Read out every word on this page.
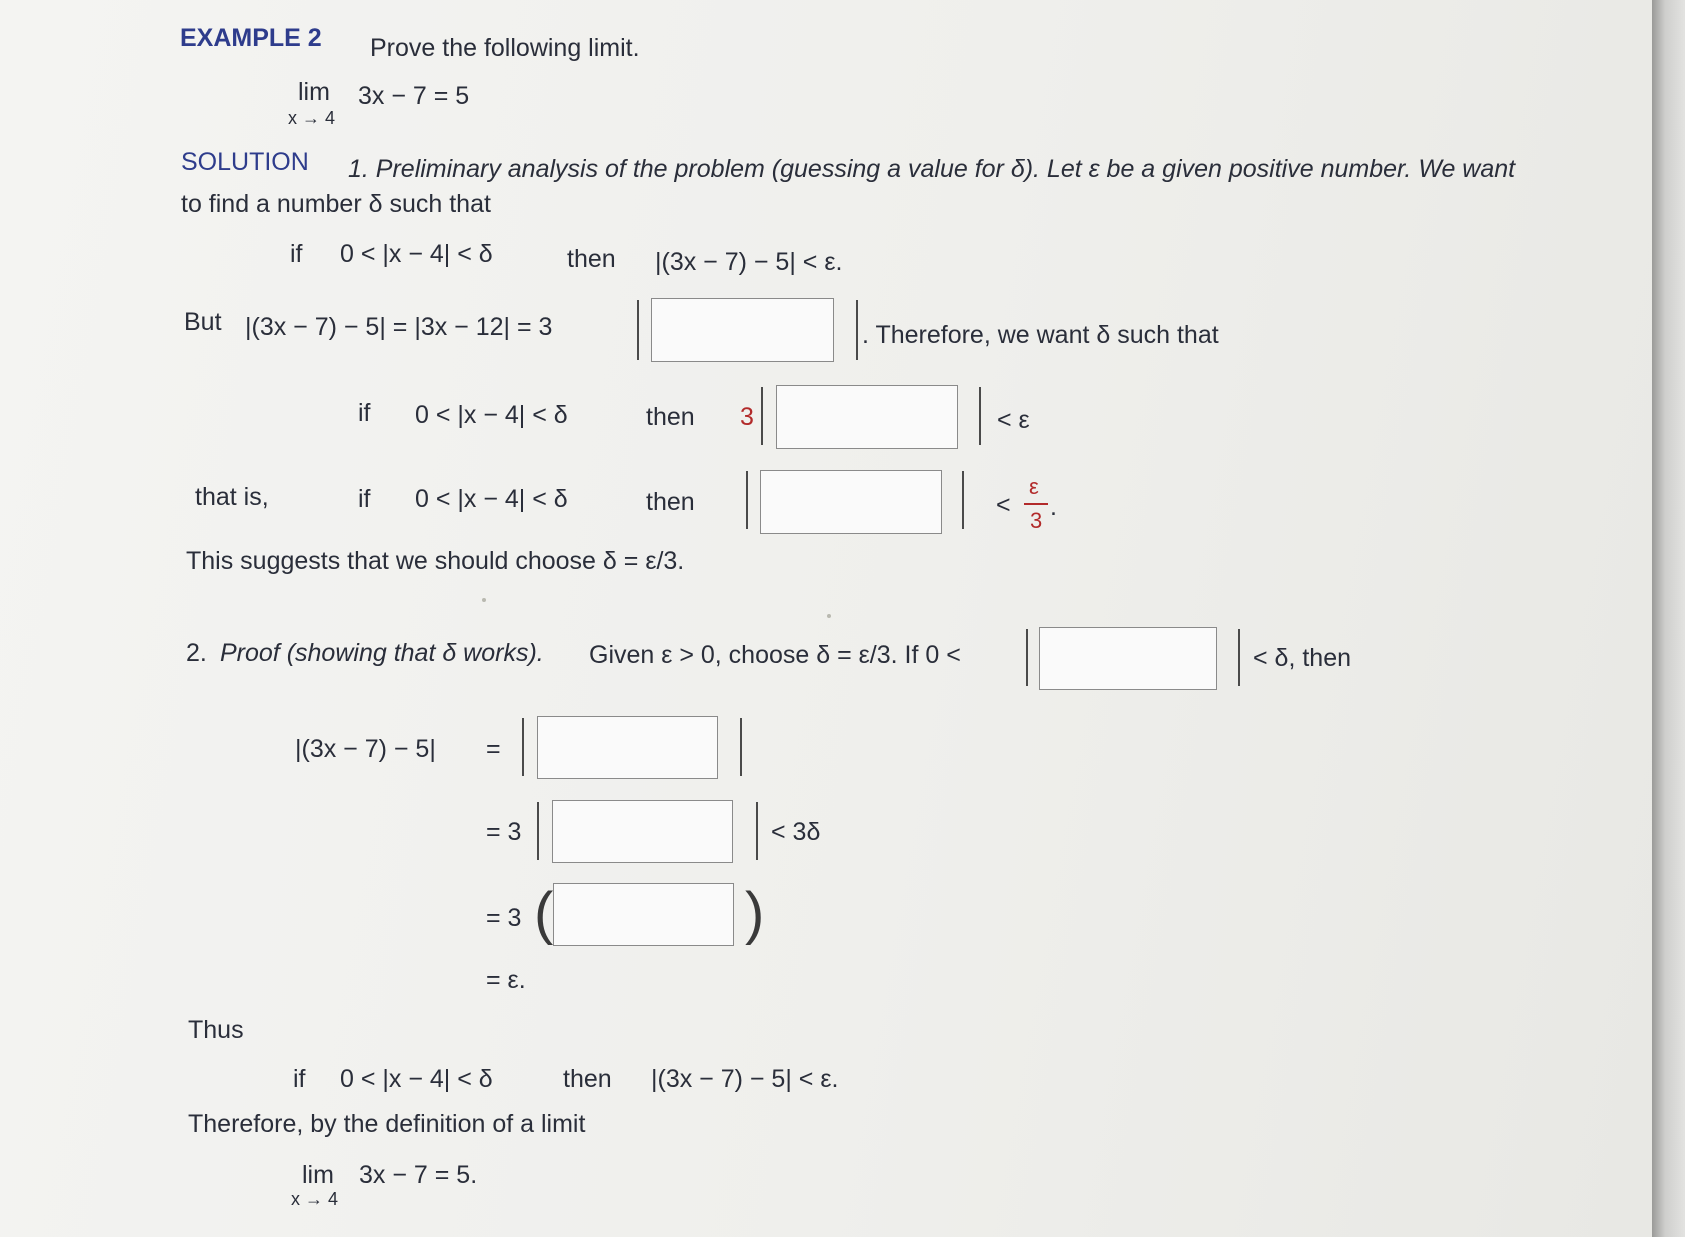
EXAMPLE 2 Prove the following limit.
lim
x → 4
3x − 7 = 5
SOLUTION 1. Preliminary analysis of the problem (guessing a value for δ). Let ε be a given positive number. We want
to find a number δ such that
if 0 < |x − 4| < δ	then |(3x − 7) − 5| < ε.
But |(3x − 7) − 5| = |3x − 12| = 3	. Therefore, we want δ such that
if 0 < |x − 4| < δ	then 3	< ε
that is,	if 0 < |x − 4| < δ	then	<
ε
3 .
This suggests that we should choose δ = ε/3.
2. Proof (showing that δ works). Given ε > 0, choose δ = ε/3. If 0 <	< δ, then
|(3x − 7) − 5| =
= 3	< 3δ
= 3 (	)
= ε.
Thus
if 0 < |x − 4| < δ	then |(3x − 7) − 5| < ε.
Therefore, by the definition of a limit
lim
x → 4
3x − 7 = 5.
